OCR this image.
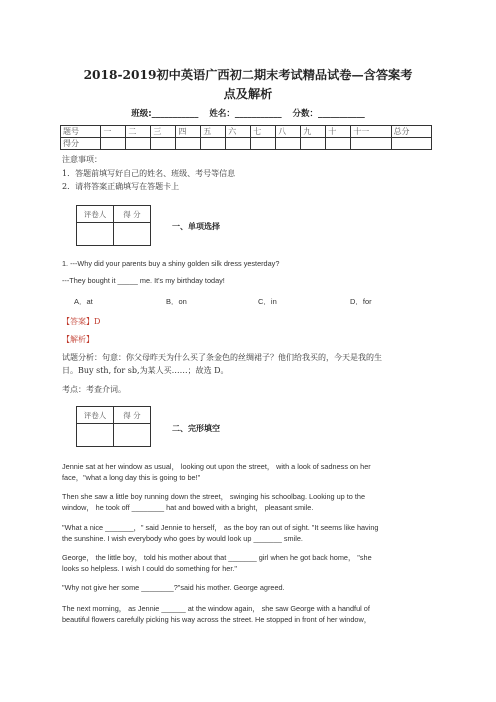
2018-2019初中英语广西初二期末考试精品试卷—含答案考
点及解析
班级:___________ 姓名：___________ 分数：___________
题号	一	二	三	四	五	六	七	八	九	十	十一	总分
得分												
注意事项：
1．答题前填写好自己的姓名、班级、考号等信息
2．请将答案正确填写在答题卡上
评卷人	得 分

一、单项选择
1. ---Why did your parents buy a shiny golden silk dress yesterday?
---They bought it _____ me. It's my birthday today!
A．at	B．on	C．in	D．for
【答案】D
【解析】
试题分析：句意：你父母昨天为什么买了条金色的丝绸裙子？他们给我买的，今天是我的生
日。Buy sth, for sb,为某人买……；故选 D。
考点：考查介词。
评卷人	得 分

二、完形填空
Jennie sat at her window as usual， looking out upon the street， with a look of sadness on her
face，"what a long day this is going to be!"
Then she saw a little boy running down the street， swinging his schoolbag. Looking up to the
window， he took off ________ hat and bowed with a bright， pleasant smile.
"What a nice _______，" said Jennie to herself， as the boy ran out of sight. "It seems like having
the sunshine. I wish everybody who goes by would look up _______ smile.
George， the little boy， told his mother about that _______ girl when he got back home， "she
looks so helpless. I wish I could do something for her."
"Why not give her some ________?"said his mother. George agreed.
The next morning， as Jennie ______ at the window again， she saw George with a handful of
beautiful flowers carefully picking his way across the street. He stopped in front of her window，
